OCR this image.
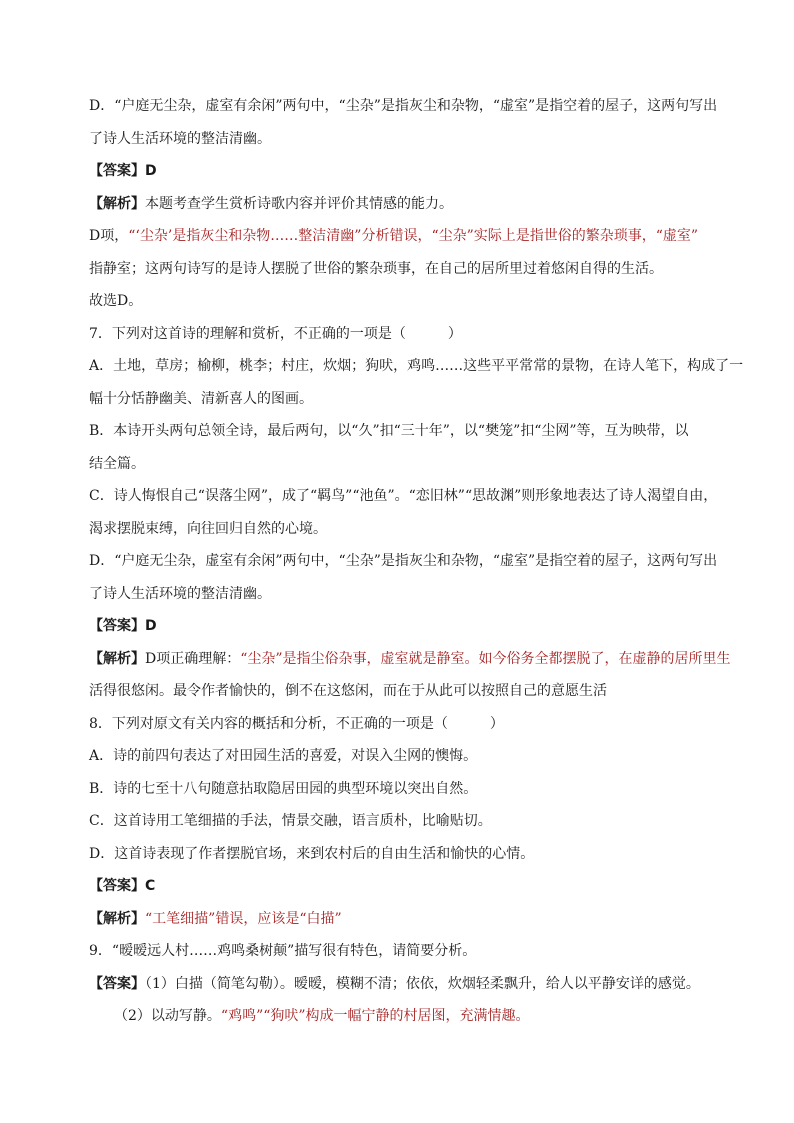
D．“户庭无尘杂，虚室有余闲”两句中，“尘杂”是指灰尘和杂物，“虚室”是指空着的屋子，这两句写出
了诗人生活环境的整洁清幽。
【答案】D
【解析】本题考查学生赏析诗歌内容并评价其情感的能力。
D项，“‘尘杂’是指灰尘和杂物……整洁清幽”分析错误，“尘杂”实际上是指世俗的繁杂琐事，“虚室”
指静室；这两句诗写的是诗人摆脱了世俗的繁杂琐事，在自己的居所里过着悠闲自得的生活。
故选D。
7．下列对这首诗的理解和赏析，不正确的一项是（　　　）
A．土地，草房；榆柳，桃李；村庄，炊烟；狗吠，鸡鸣……这些平平常常的景物，在诗人笔下，构成了一
幅十分恬静幽美、清新喜人的图画。
B．本诗开头两句总领全诗，最后两句，以“久”扣“三十年”，以“樊笼”扣“尘网”等，互为映带，以
结全篇。
C．诗人悔恨自己“误落尘网”，成了“羁鸟”“池鱼”。“恋旧林”“思故渊”则形象地表达了诗人渴望自由，
渴求摆脱束缚，向往回归自然的心境。
D．“户庭无尘杂，虚室有余闲”两句中，“尘杂”是指灰尘和杂物，“虚室”是指空着的屋子，这两句写出
了诗人生活环境的整洁清幽。
【答案】D
【解析】D项正确理解：“尘杂”是指尘俗杂事，虚室就是静室。如今俗务全都摆脱了，在虚静的居所里生
活得很悠闲。最令作者愉快的，倒不在这悠闲，而在于从此可以按照自己的意愿生活
8．下列对原文有关内容的概括和分析，不正确的一项是（　　　）
A．诗的前四句表达了对田园生活的喜爱，对误入尘网的懊悔。
B．诗的七至十八句随意拈取隐居田园的典型环境以突出自然。
C．这首诗用工笔细描的手法，情景交融，语言质朴，比喻贴切。
D．这首诗表现了作者摆脱官场，来到农村后的自由生活和愉快的心情。
【答案】C
【解析】“工笔细描”错误，应该是“白描”
9．“暧暧远人村……鸡鸣桑树颠”描写很有特色，请简要分析。
【答案】（1）白描（简笔勾勒）。暧暧，模糊不清；依依，炊烟轻柔飘升，给人以平静安详的感觉。
（2）以动写静。“鸡鸣”“狗吠”构成一幅宁静的村居图，充满情趣。
